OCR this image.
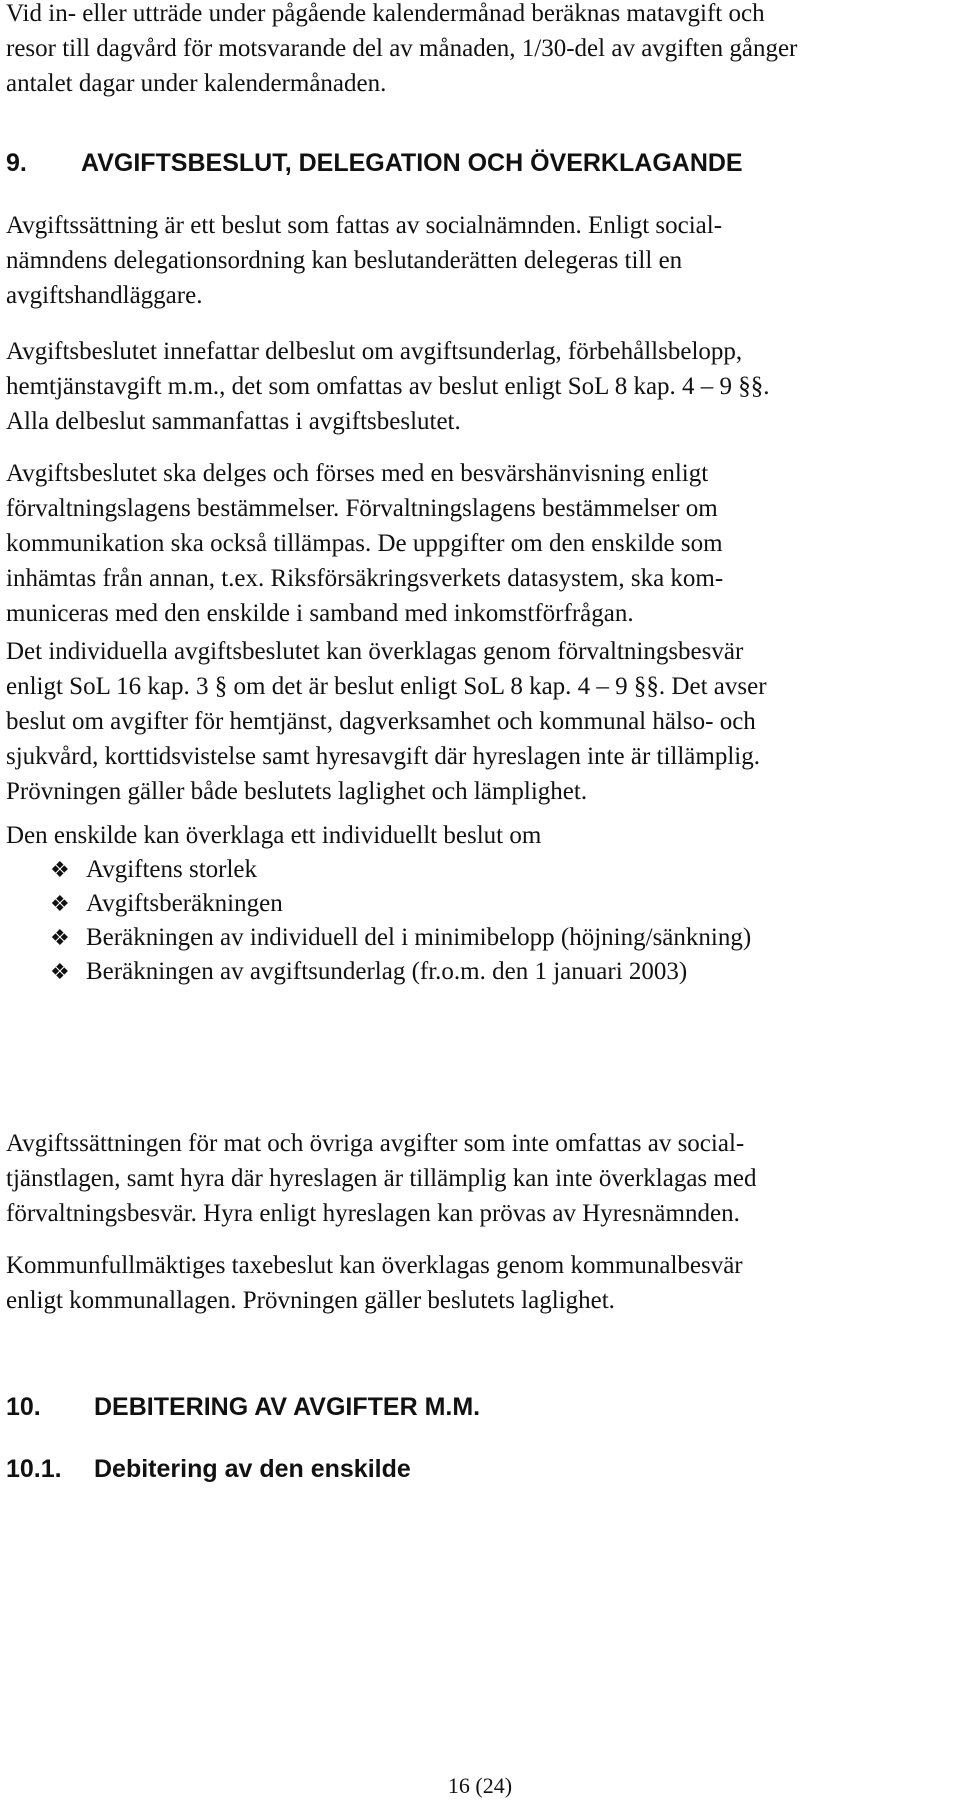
Vid in- eller utträde under pågående kalendermånad beräknas matavgift och
resor till dagvård för motsvarande del av månaden, 1/30-del av avgiften gånger
antalet dagar under kalendermånaden.
9. AVGIFTSBESLUT, DELEGATION OCH ÖVERKLAGANDE
Avgiftssättning är ett beslut som fattas av socialnämnden. Enligt social-
nämndens delegationsordning kan beslutanderätten delegeras till en
avgiftshandläggare.
Avgiftsbeslutet innefattar delbeslut om avgiftsunderlag, förbehållsbelopp,
hemtjänstavgift m.m., det som omfattas av beslut enligt SoL 8 kap. 4 – 9 §§.
Alla delbeslut sammanfattas i avgiftsbeslutet.
Avgiftsbeslutet ska delges och förses med en besvärshänvisning enligt
förvaltningslagens bestämmelser. Förvaltningslagens bestämmelser om
kommunikation ska också tillämpas. De uppgifter om den enskilde som
inhämtas från annan, t.ex. Riksförsäkringsverkets datasystem, ska kom-
municeras med den enskilde i samband med inkomstförfrågan.
Det individuella avgiftsbeslutet kan överklagas genom förvaltningsbesvär
enligt SoL 16 kap. 3 § om det är beslut enligt SoL 8 kap. 4 – 9 §§. Det avser
beslut om avgifter för hemtjänst, dagverksamhet och kommunal hälso- och
sjukvård, korttidsvistelse samt hyresavgift där hyreslagen inte är tillämplig.
Prövningen gäller både beslutets laglighet och lämplighet.
Den enskilde kan överklaga ett individuellt beslut om
❖ Avgiftens storlek
❖ Avgiftsberäkningen
❖ Beräkningen av individuell del i minimibelopp (höjning/sänkning)
❖ Beräkningen av avgiftsunderlag (fr.o.m. den 1 januari 2003)
Avgiftssättningen för mat och övriga avgifter som inte omfattas av social-
tjänstlagen, samt hyra där hyreslagen är tillämplig kan inte överklagas med
förvaltningsbesvär. Hyra enligt hyreslagen kan prövas av Hyresnämnden.
Kommunfullmäktiges taxebeslut kan överklagas genom kommunalbesvär
enligt kommunallagen. Prövningen gäller beslutets laglighet.
10. DEBITERING AV AVGIFTER M.M.
10.1. Debitering av den enskilde
16 (24)
